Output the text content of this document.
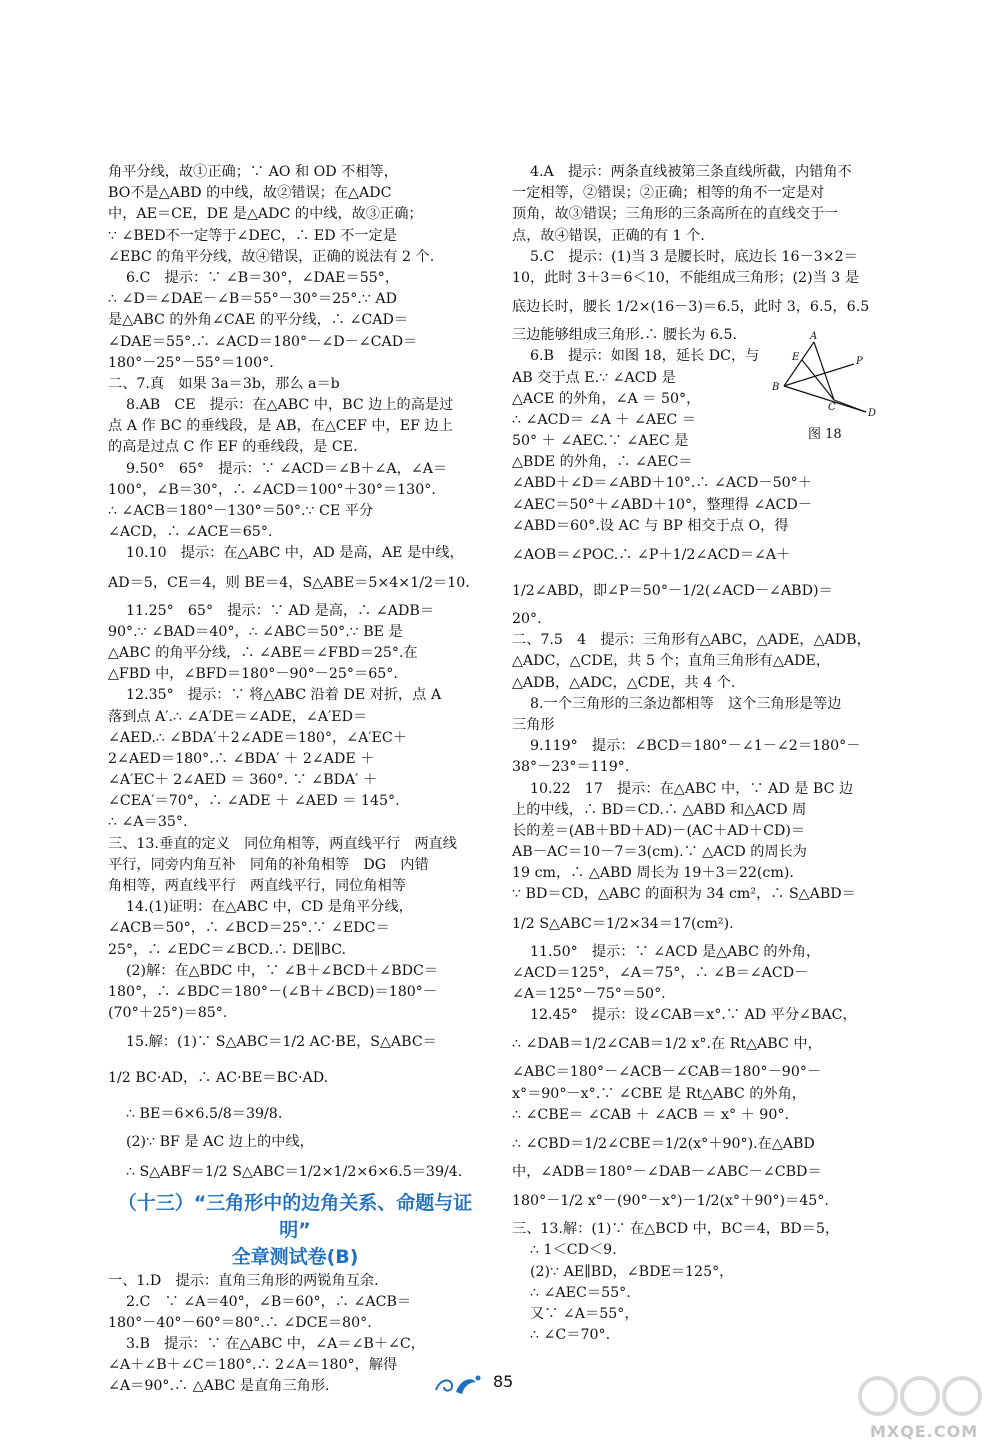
角平分线，故①正确；∵ AO 和 OD 不相等，
BO不是△ABD 的中线，故②错误；在△ADC
中，AE＝CE，DE 是△ADC 的中线，故③正确；
∵ ∠BED不一定等于∠DEC，∴ ED 不一定是
∠EBC 的角平分线，故④错误，正确的说法有 2 个.
6.C　提示：∵ ∠B＝30°，∠DAE＝55°，
∴ ∠D＝∠DAE－∠B＝55°－30°＝25°.∵ AD
是△ABC 的外角∠CAE 的平分线，∴ ∠CAD＝
∠DAE＝55°.∴ ∠ACD＝180°－∠D－∠CAD＝
180°－25°－55°＝100°.
二、7.真　如果 3a＝3b，那么 a＝b
8.AB　CE　提示：在△ABC 中，BC 边上的高是过
点 A 作 BC 的垂线段，是 AB，在△CEF 中，EF 边上
的高是过点 C 作 EF 的垂线段，是 CE.
9.50°　65°　提示：∵ ∠ACD＝∠B＋∠A，∠A＝
100°，∠B＝30°，∴ ∠ACD＝100°＋30°＝130°.
∴ ∠ACB＝180°－130°＝50°.∵ CE 平分
∠ACD，∴ ∠ACE＝65°.
10.10　提示：在△ABC 中，AD 是高，AE 是中线，
AD＝5，CE＝4，则 BE＝4，S△ABE＝5×4×1/2＝10.
11.25°　65°　提示：∵ AD 是高，∴ ∠ADB＝
90°.∵ ∠BAD＝40°，∴ ∠ABC＝50°.∵ BE 是
△ABC 的角平分线，∴ ∠ABE＝∠FBD＝25°.在
△FBD 中，∠BFD＝180°－90°－25°＝65°.
12.35°　提示：∵ 将△ABC 沿着 DE 对折，点 A
落到点 A′.∴ ∠A′DE＝∠ADE，∠A′ED＝
∠AED.∴ ∠BDA′＋2∠ADE＝180°，∠A′EC＋
2∠AED＝180°.∴ ∠BDA′ ＋ 2∠ADE ＋
∠A′EC＋ 2∠AED ＝ 360°. ∵ ∠BDA′ ＋
∠CEA′＝70°，∴ ∠ADE ＋ ∠AED ＝ 145°.
∴ ∠A＝35°.
三、13.垂直的定义　同位角相等，两直线平行　两直线
平行，同旁内角互补　同角的补角相等　DG　内错
角相等，两直线平行　两直线平行，同位角相等
14.(1)证明：在△ABC 中，CD 是角平分线，
∠ACB＝50°，∴ ∠BCD＝25°.∵ ∠EDC＝
25°，∴ ∠EDC＝∠BCD.∴ DE∥BC.
(2)解：在△BDC 中，∵ ∠B＋∠BCD＋∠BDC＝
180°，∴ ∠BDC＝180°－(∠B＋∠BCD)＝180°－
(70°＋25°)＝85°.
15.解：(1)∵ S△ABC＝1/2 AC·BE，S△ABC＝
1/2 BC·AD，∴ AC·BE＝BC·AD.
∴ BE＝6×6.5/8＝39/8.
(2)∵ BF 是 AC 边上的中线，
∴ S△ABF＝1/2 S△ABC＝1/2×1/2×6×6.5＝39/4.
（十三）“三角形中的边角关系、命题与证明”
全章测试卷(B)
一、1.D　提示：直角三角形的两锐角互余.
2.C　∵ ∠A＝40°，∠B＝60°，∴ ∠ACB＝
180°－40°－60°＝80°.∴ ∠DCE＝80°.
3.B　提示：∵ 在△ABC 中，∠A＝∠B＋∠C，
∠A＋∠B＋∠C＝180°.∴ 2∠A＝180°，解得
∠A＝90°.∴ △ABC 是直角三角形.
4.A　提示：两条直线被第三条直线所截，内错角不
一定相等，②错误；②正确；相等的角不一定是对
顶角，故③错误；三角形的三条高所在的直线交于一
点，故④错误，正确的有 1 个.
5.C　提示：(1)当 3 是腰长时，底边长 16－3×2＝
10，此时 3＋3＝6＜10，不能组成三角形；(2)当 3 是
底边长时，腰长 1/2×(16－3)＝6.5，此时 3，6.5，6.5
三边能够组成三角形.∴ 腰长为 6.5.
6.B　提示：如图 18，延长 DC，与
AB 交于点 E.∵ ∠ACD 是
△ACE 的外角，∠A ＝ 50°，
∴ ∠ACD＝ ∠A ＋ ∠AEC ＝
50° ＋ ∠AEC.∵ ∠AEC 是
△BDE 的外角，∴ ∠AEC＝
∠ABD＋∠D＝∠ABD＋10°.∴ ∠ACD－50°＋
∠AEC＝50°＋∠ABD＋10°，整理得 ∠ACD－
∠ABD＝60°.设 AC 与 BP 相交于点 O，得
∠AOB＝∠POC.∴ ∠P＋1/2∠ACD＝∠A＋
1/2∠ABD，即∠P＝50°－1/2(∠ACD－∠ABD)＝
20°.
二、7.5　4　提示：三角形有△ABC，△ADE，△ADB，
△ADC，△CDE，共 5 个；直角三角形有△ADE，
△ADB，△ADC，△CDE，共 4 个.
8.一个三角形的三条边都相等　这个三角形是等边
三角形
9.119°　提示：∠BCD＝180°－∠1－∠2＝180°－
38°－23°＝119°.
10.22　17　提示：在△ABC 中，∵ AD 是 BC 边
上的中线，∴ BD＝CD.∴ △ABD 和△ACD 周
长的差＝(AB＋BD＋AD)－(AC＋AD＋CD)＝
AB－AC＝10－7＝3(cm).∵ △ACD 的周长为
19 cm，∴ △ABD 周长为 19＋3＝22(cm).
∵ BD＝CD，△ABC 的面积为 34 cm²，∴ S△ABD＝
1/2 S△ABC＝1/2×34＝17(cm²).
11.50°　提示：∵ ∠ACD 是△ABC 的外角，
∠ACD＝125°，∠A＝75°，∴ ∠B＝∠ACD－
∠A＝125°－75°＝50°.
12.45°　提示：设∠CAB＝x°.∵ AD 平分∠BAC，
∴ ∠DAB＝1/2∠CAB＝1/2 x°.在 Rt△ABC 中，
∠ABC＝180°－∠ACB－∠CAB＝180°－90°－
x°＝90°－x°.∵ ∠CBE 是 Rt△ABC 的外角，
∴ ∠CBE＝ ∠CAB ＋ ∠ACB ＝ x° ＋ 90°.
∴ ∠CBD＝1/2∠CBE＝1/2(x°＋90°).在△ABD
中，∠ADB＝180°－∠DAB－∠ABC－∠CBD＝
180°－1/2 x°－(90°－x°)－1/2(x°＋90°)＝45°.
三、13.解：(1)∵ 在△BCD 中，BC＝4，BD＝5，
∴ 1＜CD＜9.
(2)∵ AE∥BD，∠BDE＝125°，
∴ ∠AEC＝55°.
又∵ ∠A＝55°，
∴ ∠C＝70°.
A
B
C
D
E	P
图 18
85
MXQE.COM
